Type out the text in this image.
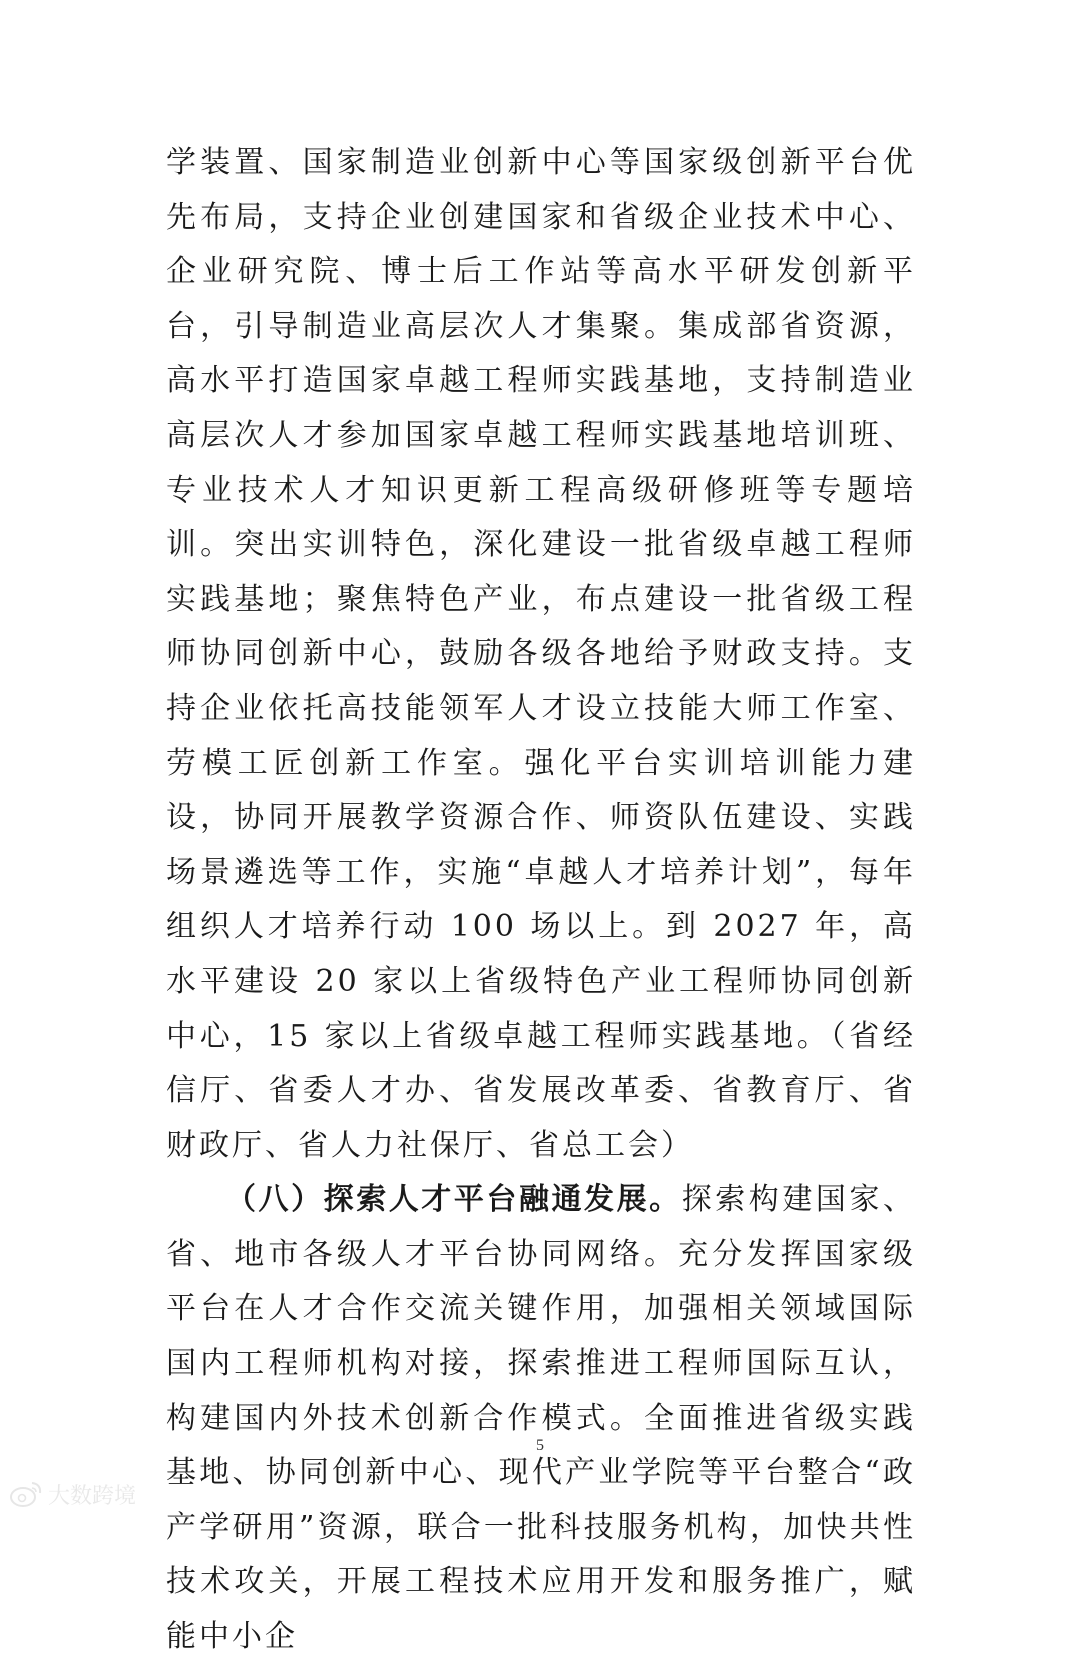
学装置、国家制造业创新中心等国家级创新平台优先布局，支持企业创建国家和省级企业技术中心、企业研究院、博士后工作站等高水平研发创新平台，引导制造业高层次人才集聚。集成部省资源，高水平打造国家卓越工程师实践基地，支持制造业高层次人才参加国家卓越工程师实践基地培训班、专业技术人才知识更新工程高级研修班等专题培训。突出实训特色，深化建设一批省级卓越工程师实践基地；聚焦特色产业，布点建设一批省级工程师协同创新中心，鼓励各级各地给予财政支持。支持企业依托高技能领军人才设立技能大师工作室、劳模工匠创新工作室。强化平台实训培训能力建设，协同开展教学资源合作、师资队伍建设、实践场景遴选等工作，实施“卓越人才培养计划”，每年组织人才培养行动 100 场以上。到 2027 年，高水平建设 20 家以上省级特色产业工程师协同创新中心，15 家以上省级卓越工程师实践基地。（省经信厅、省委人才办、省发展改革委、省教育厅、省财政厅、省人力社保厅、省总工会）

（八）探索人才平台融通发展。探索构建国家、省、地市各级人才平台协同网络。充分发挥国家级平台在人才合作交流关键作用，加强相关领域国际国内工程师机构对接，探索推进工程师国际互认，构建国内外技术创新合作模式。全面推进省级实践基地、协同创新中心、现代产业学院等平台整合“政产学研用”资源，联合一批科技服务机构，加快共性技术攻关，开展工程技术应用开发和服务推广，赋能中小企

5
大数跨境
